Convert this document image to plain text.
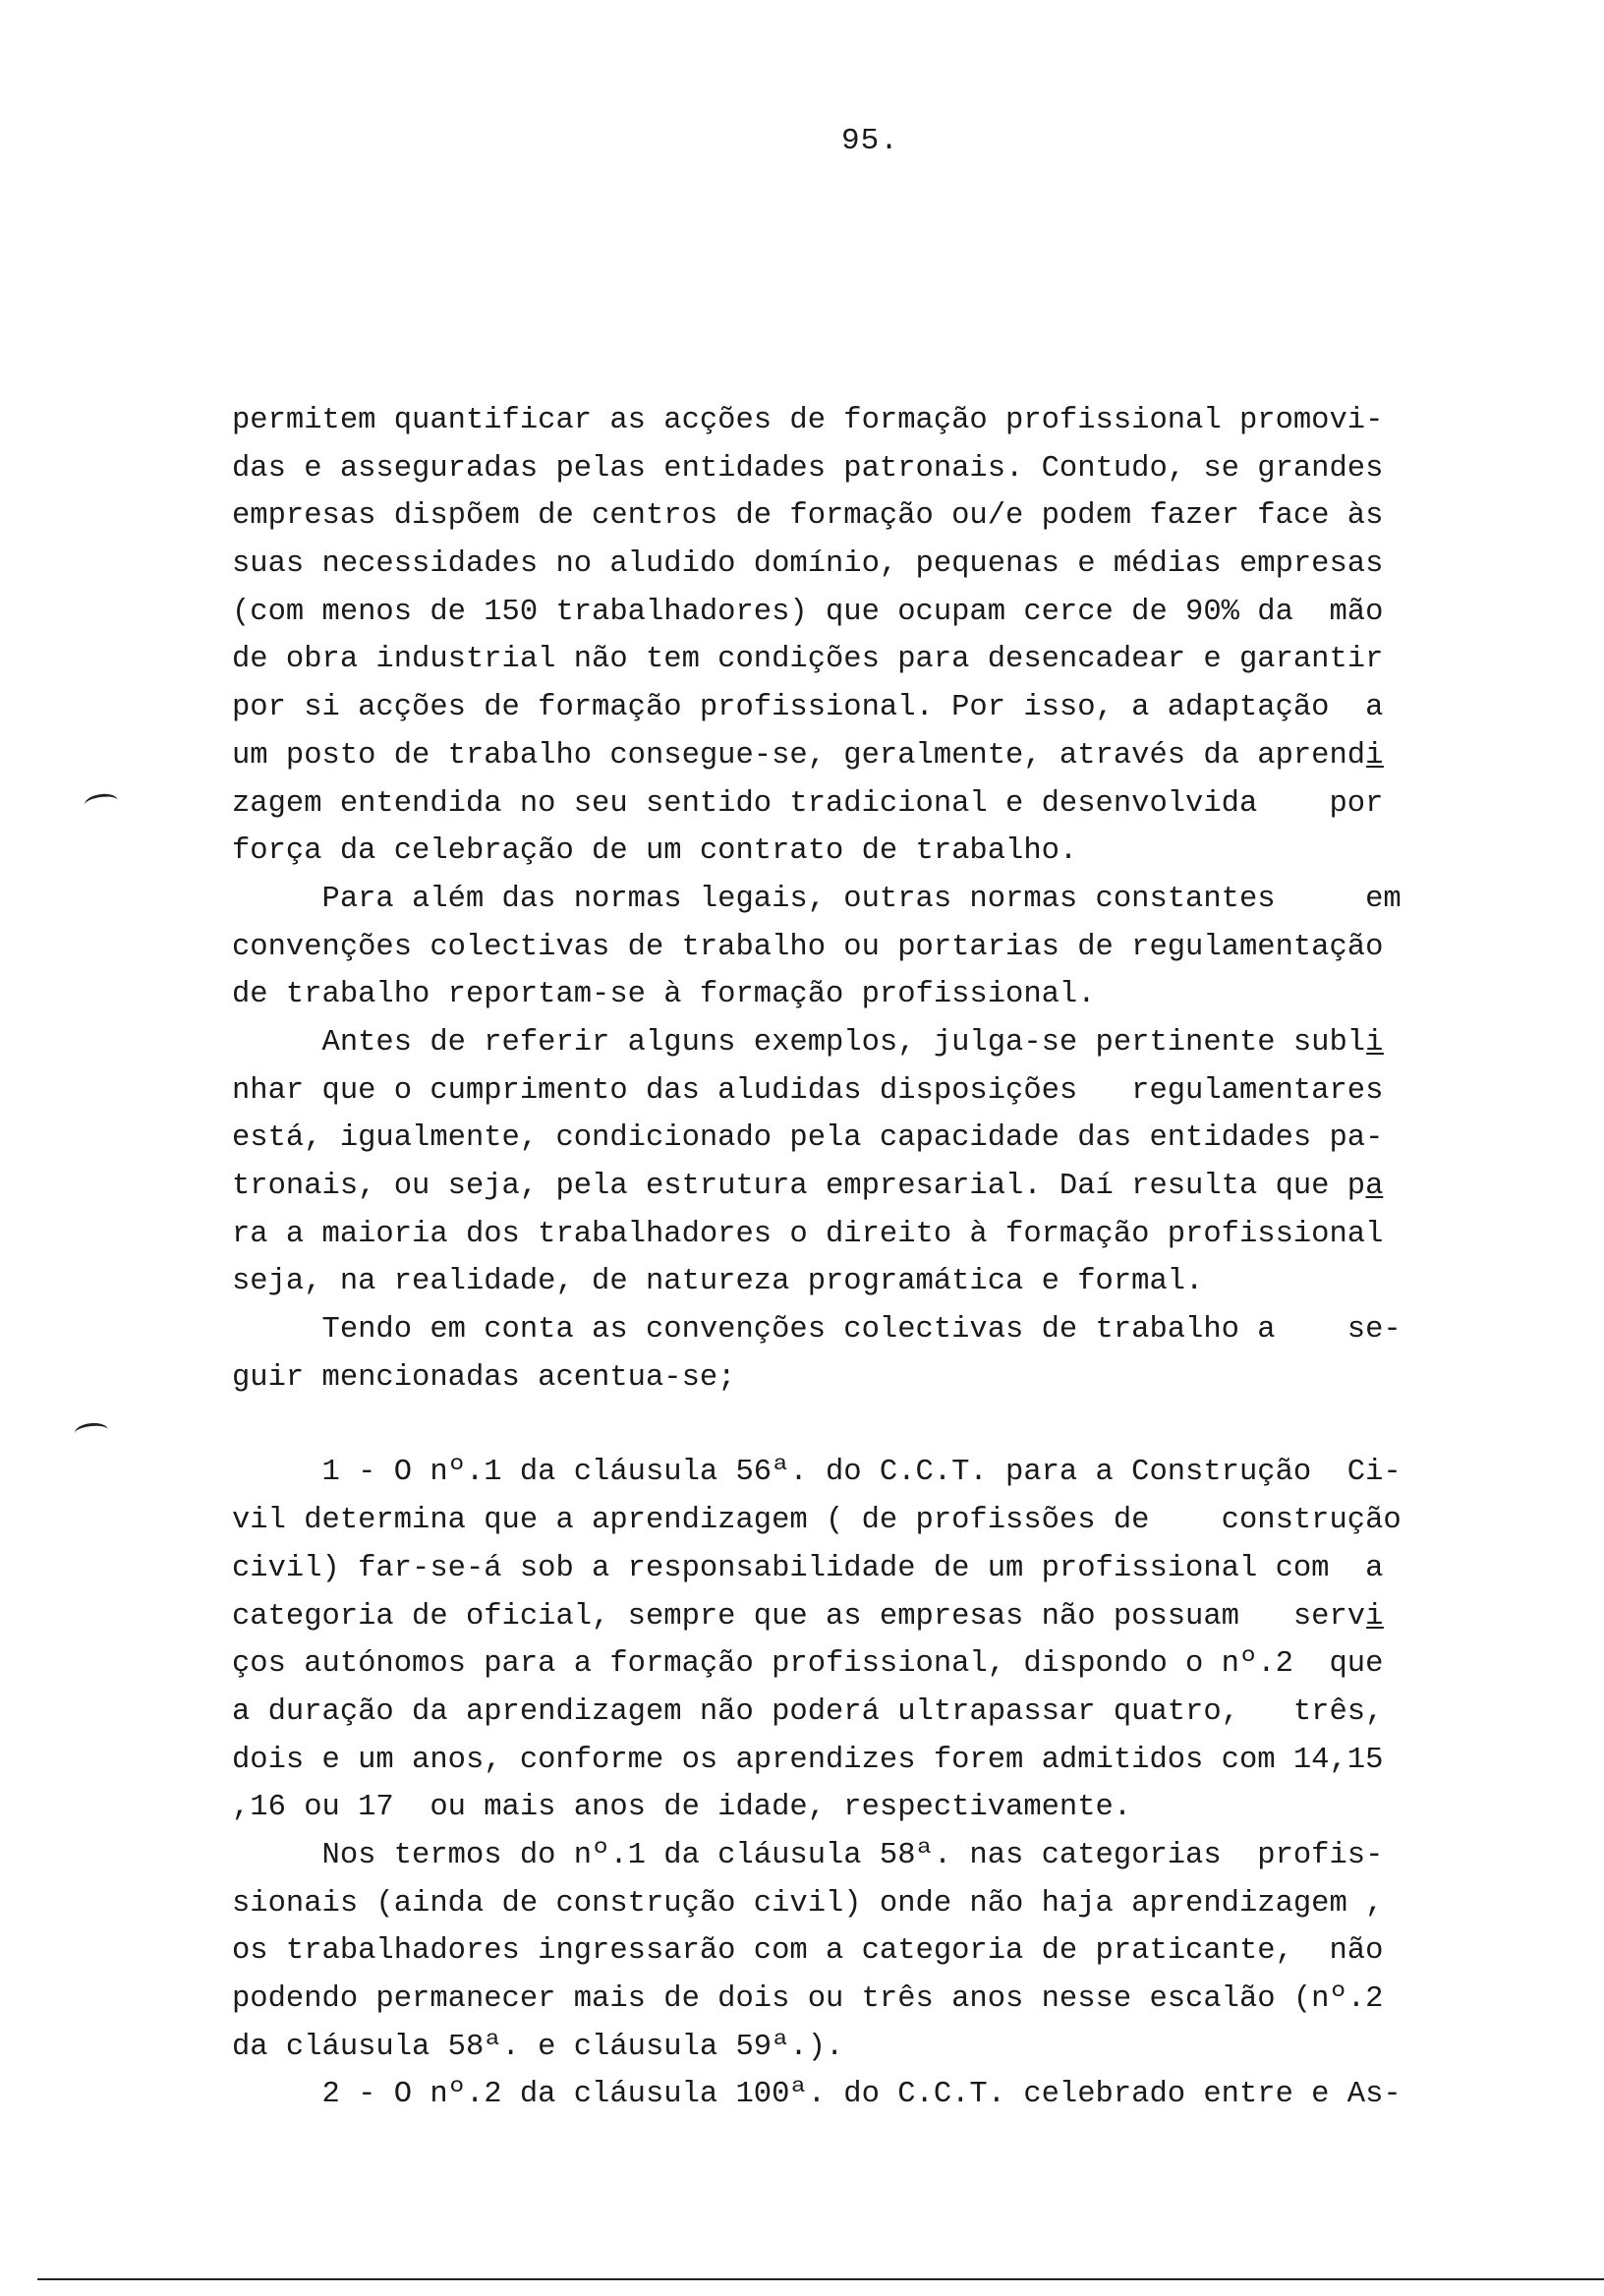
95.
permitem quantificar as acções de formação profissional promovi-
das e asseguradas pelas entidades patronais. Contudo, se grandes
empresas dispõem de centros de formação ou/e podem fazer face às
suas necessidades no aludido domínio, pequenas e médias empresas
(com menos de 150 trabalhadores) que ocupam cerce de 90% da  mão
de obra industrial não tem condições para desencadear e garantir
por si acções de formação profissional. Por isso, a adaptação  a
um posto de trabalho consegue-se, geralmente, através da aprendi̲
zagem entendida no seu sentido tradicional e desenvolvida    por
força da celebração de um contrato de trabalho.
Para além das normas legais, outras normas constantes     em
convenções colectivas de trabalho ou portarias de regulamentação
de trabalho reportam-se à formação profissional.
Antes de referir alguns exemplos, julga-se pertinente subli̲
nhar que o cumprimento das aludidas disposições   regulamentares
está, igualmente, condicionado pela capacidade das entidades pa-
tronais, ou seja, pela estrutura empresarial. Daí resulta que pa̲
ra a maioria dos trabalhadores o direito à formação profissional
seja, na realidade, de natureza programática e formal.
Tendo em conta as convenções colectivas de trabalho a    se-
guir mencionadas acentua-se;
1 - O nº.1 da cláusula 56ª. do C.C.T. para a Construção  Ci-
vil determina que a aprendizagem ( de profissões de    construção
civil) far-se-á sob a responsabilidade de um profissional com  a
categoria de oficial, sempre que as empresas não possuam   servi̲
ços autónomos para a formação profissional, dispondo o nº.2  que
a duração da aprendizagem não poderá ultrapassar quatro,   três,
dois e um anos, conforme os aprendizes forem admitidos com 14,15
,16 ou 17  ou mais anos de idade, respectivamente.
Nos termos do nº.1 da cláusula 58ª. nas categorias  profis-
sionais (ainda de construção civil) onde não haja aprendizagem ,
os trabalhadores ingressarão com a categoria de praticante,  não
podendo permanecer mais de dois ou três anos nesse escalão (nº.2
da cláusula 58ª. e cláusula 59ª.).
2 - O nº.2 da cláusula 100ª. do C.C.T. celebrado entre e As-
